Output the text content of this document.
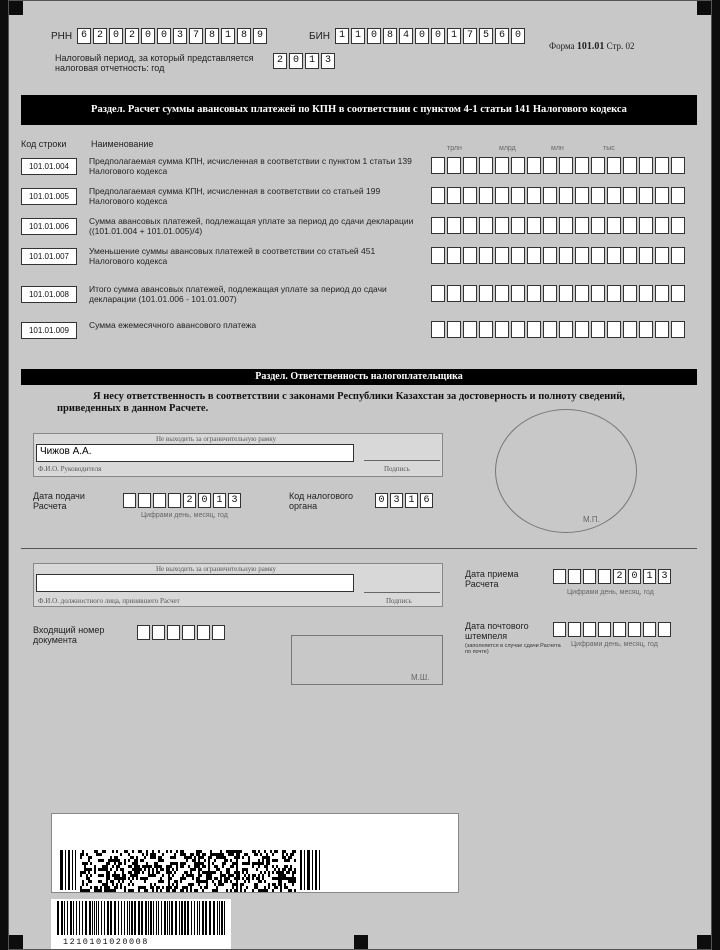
РНН 6 2 0 2 0 0 3 7 8 1 8 9	БИН 1 1 0 8 4 0 0 1 7 5 6 0
Форма 101.01 Стр. 02
Налоговый период, за который представляется
налоговая отчетность: год
2 0 1 3
Раздел. Расчет суммы авансовых платежей по КПН в соответствии с пунктом 4-1 статьи 141 Налогового кодекса
Код строки	Наименование	трлн	млрд	млн	тыс
101.01.004
Предполагаемая сумма КПН, исчисленная в соответствии с пунктом 1 статьи 139 Налогового кодекса
101.01.005
Предполагаемая сумма КПН, исчисленная в соответствии со статьей 199 Налогового кодекса
101.01.006
Сумма авансовых платежей, подлежащая уплате за период до сдачи декларации ((101.01.004 + 101.01.005)/4)
101.01.007
Уменьшение суммы авансовых платежей в соответствии со статьей 451 Налогового кодекса
101.01.008
Итого сумма авансовых платежей, подлежащая уплате за период до сдачи декларации (101.01.006 - 101.01.007)
101.01.009
Сумма ежемесячного авансового платежа
Раздел. Ответственность налогоплательщика
Я несу ответственность в соответствии с законами Республики Казахстан за достоверность и полноту сведений, приведенных в данном Расчете.
Не выходить за ограничительную рамку
Чижов А.А.
Ф.И.О. Руководителя	Подпись
Дата подачи Расчета	2 0 1 3
Цифрами день, месяц, год
Код налогового органа	0 3 1 6
М.П.
Не выходить за ограничительную рамку
Ф.И.О. должностного лица, принявшего Расчет	Подпись
Дата приема Расчета
2 0 1 3
Цифрами день, месяц, год
Входящий номер документа
Дата почтового штемпеля
(заполняется в случае сдачи Расчета по почте)
Цифрами день, месяц, год
М.Ш.
1210101020008
